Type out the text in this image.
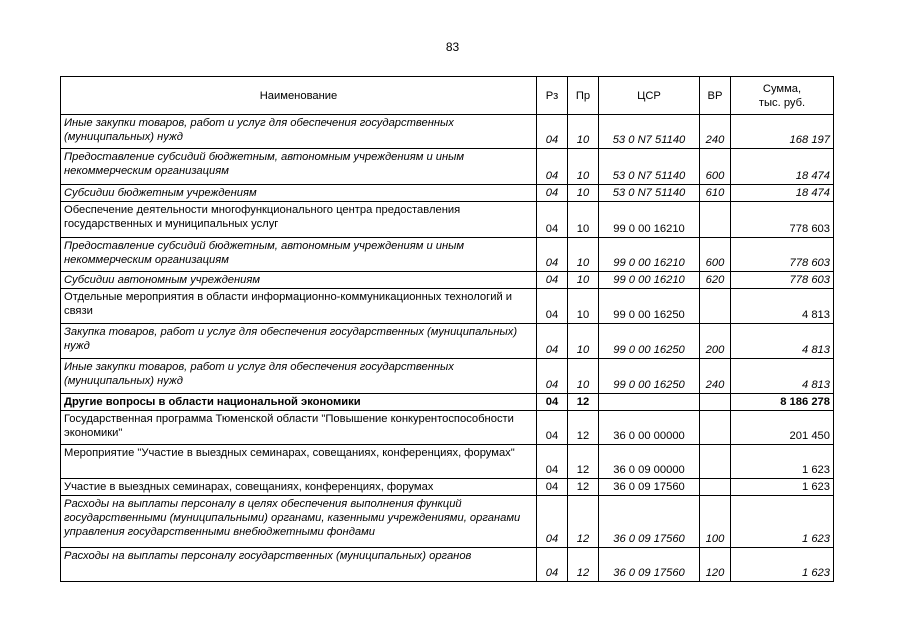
83
Наименование	Рз	Пр	ЦСР	ВР	Сумма,
тыс. руб.
Иные закупки товаров, работ и услуг для обеспечения государственных (муниципальных) нужд	04	10	53 0 N7 51140	240	168 197
Предоставление субсидий бюджетным, автономным учреждениям и иным некоммерческим организациям	04	10	53 0 N7 51140	600	18 474
Субсидии бюджетным учреждениям	04	10	53 0 N7 51140	610	18 474
Обеспечение деятельности многофункционального центра предоставления государственных и муниципальных услуг	04	10	99 0 00 16210		778 603
Предоставление субсидий бюджетным, автономным учреждениям и иным некоммерческим организациям	04	10	99 0 00 16210	600	778 603
Субсидии автономным учреждениям	04	10	99 0 00 16210	620	778 603
Отдельные мероприятия в области информационно-коммуникационных технологий и связи	04	10	99 0 00 16250		4 813
Закупка товаров, работ и услуг для обеспечения государственных (муниципальных) нужд	04	10	99 0 00 16250	200	4 813
Иные закупки товаров, работ и услуг для обеспечения государственных (муниципальных) нужд	04	10	99 0 00 16250	240	4 813
Другие вопросы в области национальной экономики	04	12			8 186 278
Государственная программа Тюменской области "Повышение конкурентоспособности экономики"	04	12	36 0 00 00000		201 450
Мероприятие "Участие в выездных семинарах, совещаниях, конференциях, форумах"	04	12	36 0 09 00000		1 623
Участие в выездных семинарах, совещаниях, конференциях, форумах	04	12	36 0 09 17560		1 623
Расходы на выплаты персоналу в целях обеспечения выполнения функций государственными (муниципальными) органами, казенными учреждениями, органами управления государственными внебюджетными фондами	04	12	36 0 09 17560	100	1 623
Расходы на выплаты персоналу государственных (муниципальных) органов	04	12	36 0 09 17560	120	1 623
